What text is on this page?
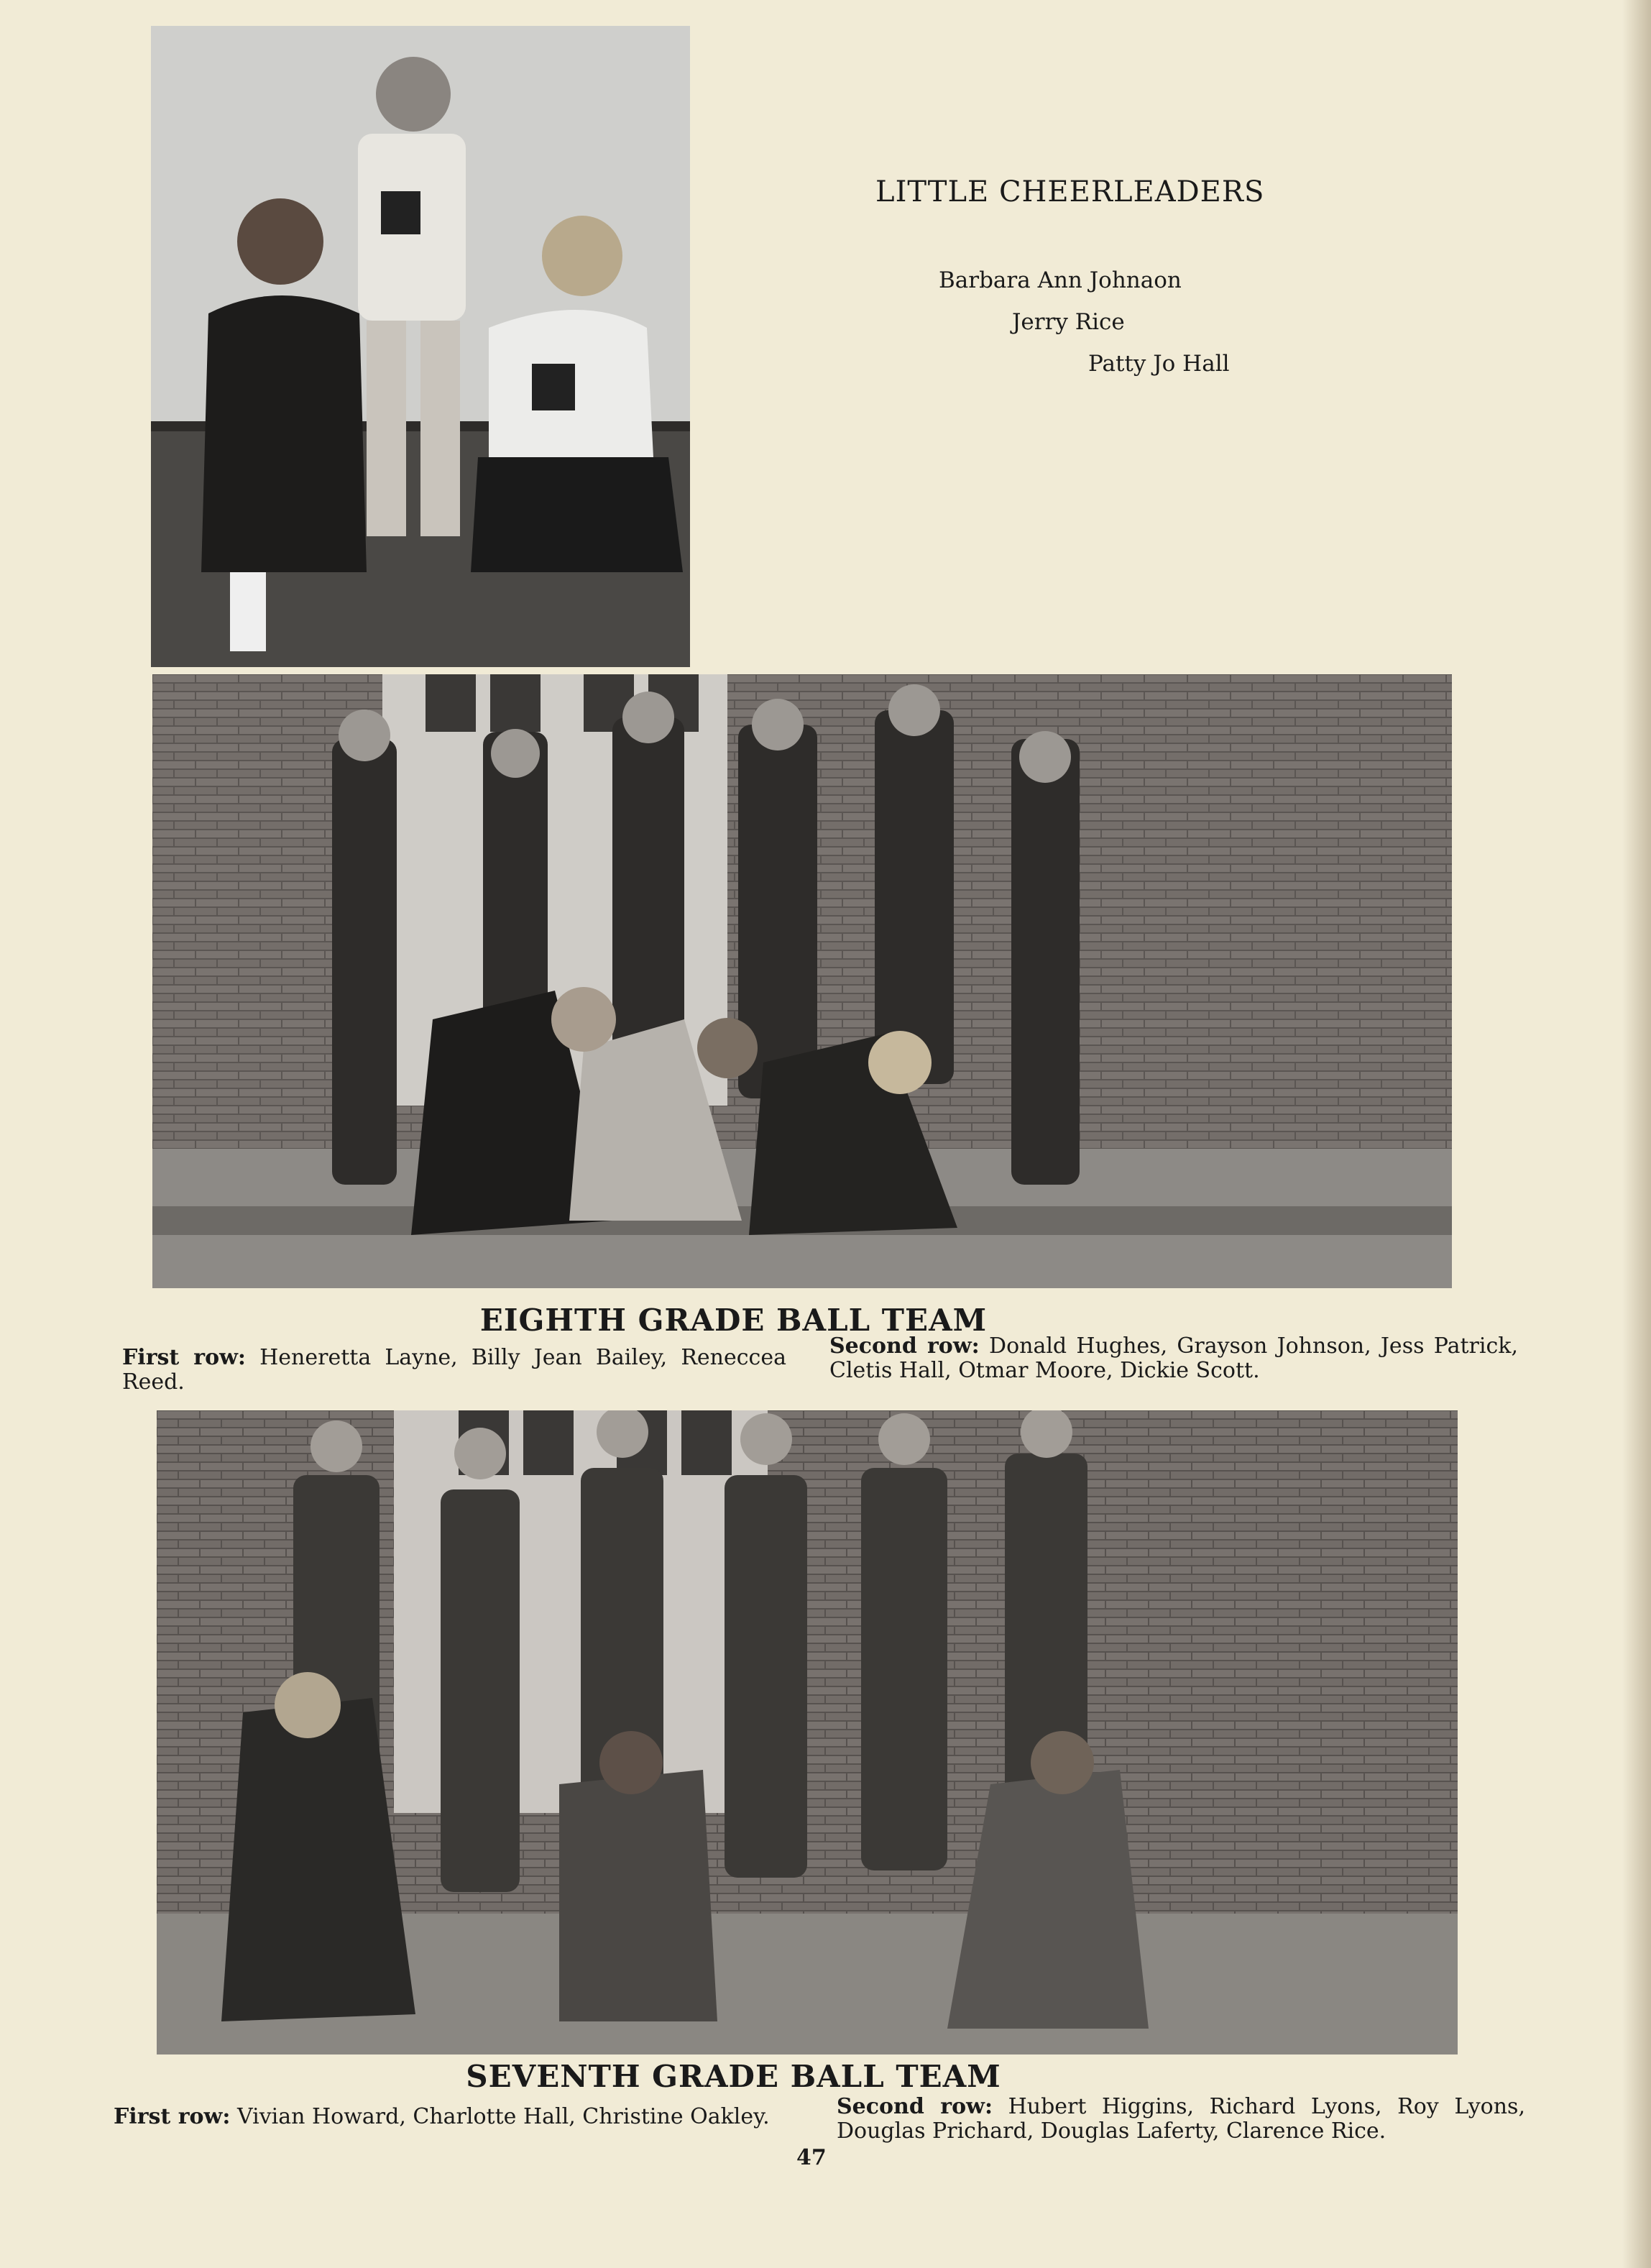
LITTLE CHEERLEADERS
Barbara Ann Johnaon
Jerry Rice
Patty Jo Hall
EIGHTH GRADE BALL TEAM
First row: Heneretta Layne, Billy Jean Bailey, Reneccea Reed.
Second row: Donald Hughes, Grayson Johnson, Jess Patrick, Cletis Hall, Otmar Moore, Dickie Scott.
SEVENTH GRADE BALL TEAM
First row: Vivian Howard, Charlotte Hall, Christine Oakley.	Second row: Hubert Higgins, Richard Lyons, Roy Lyons, Douglas Prichard, Douglas Laferty, Clarence Rice.
47
